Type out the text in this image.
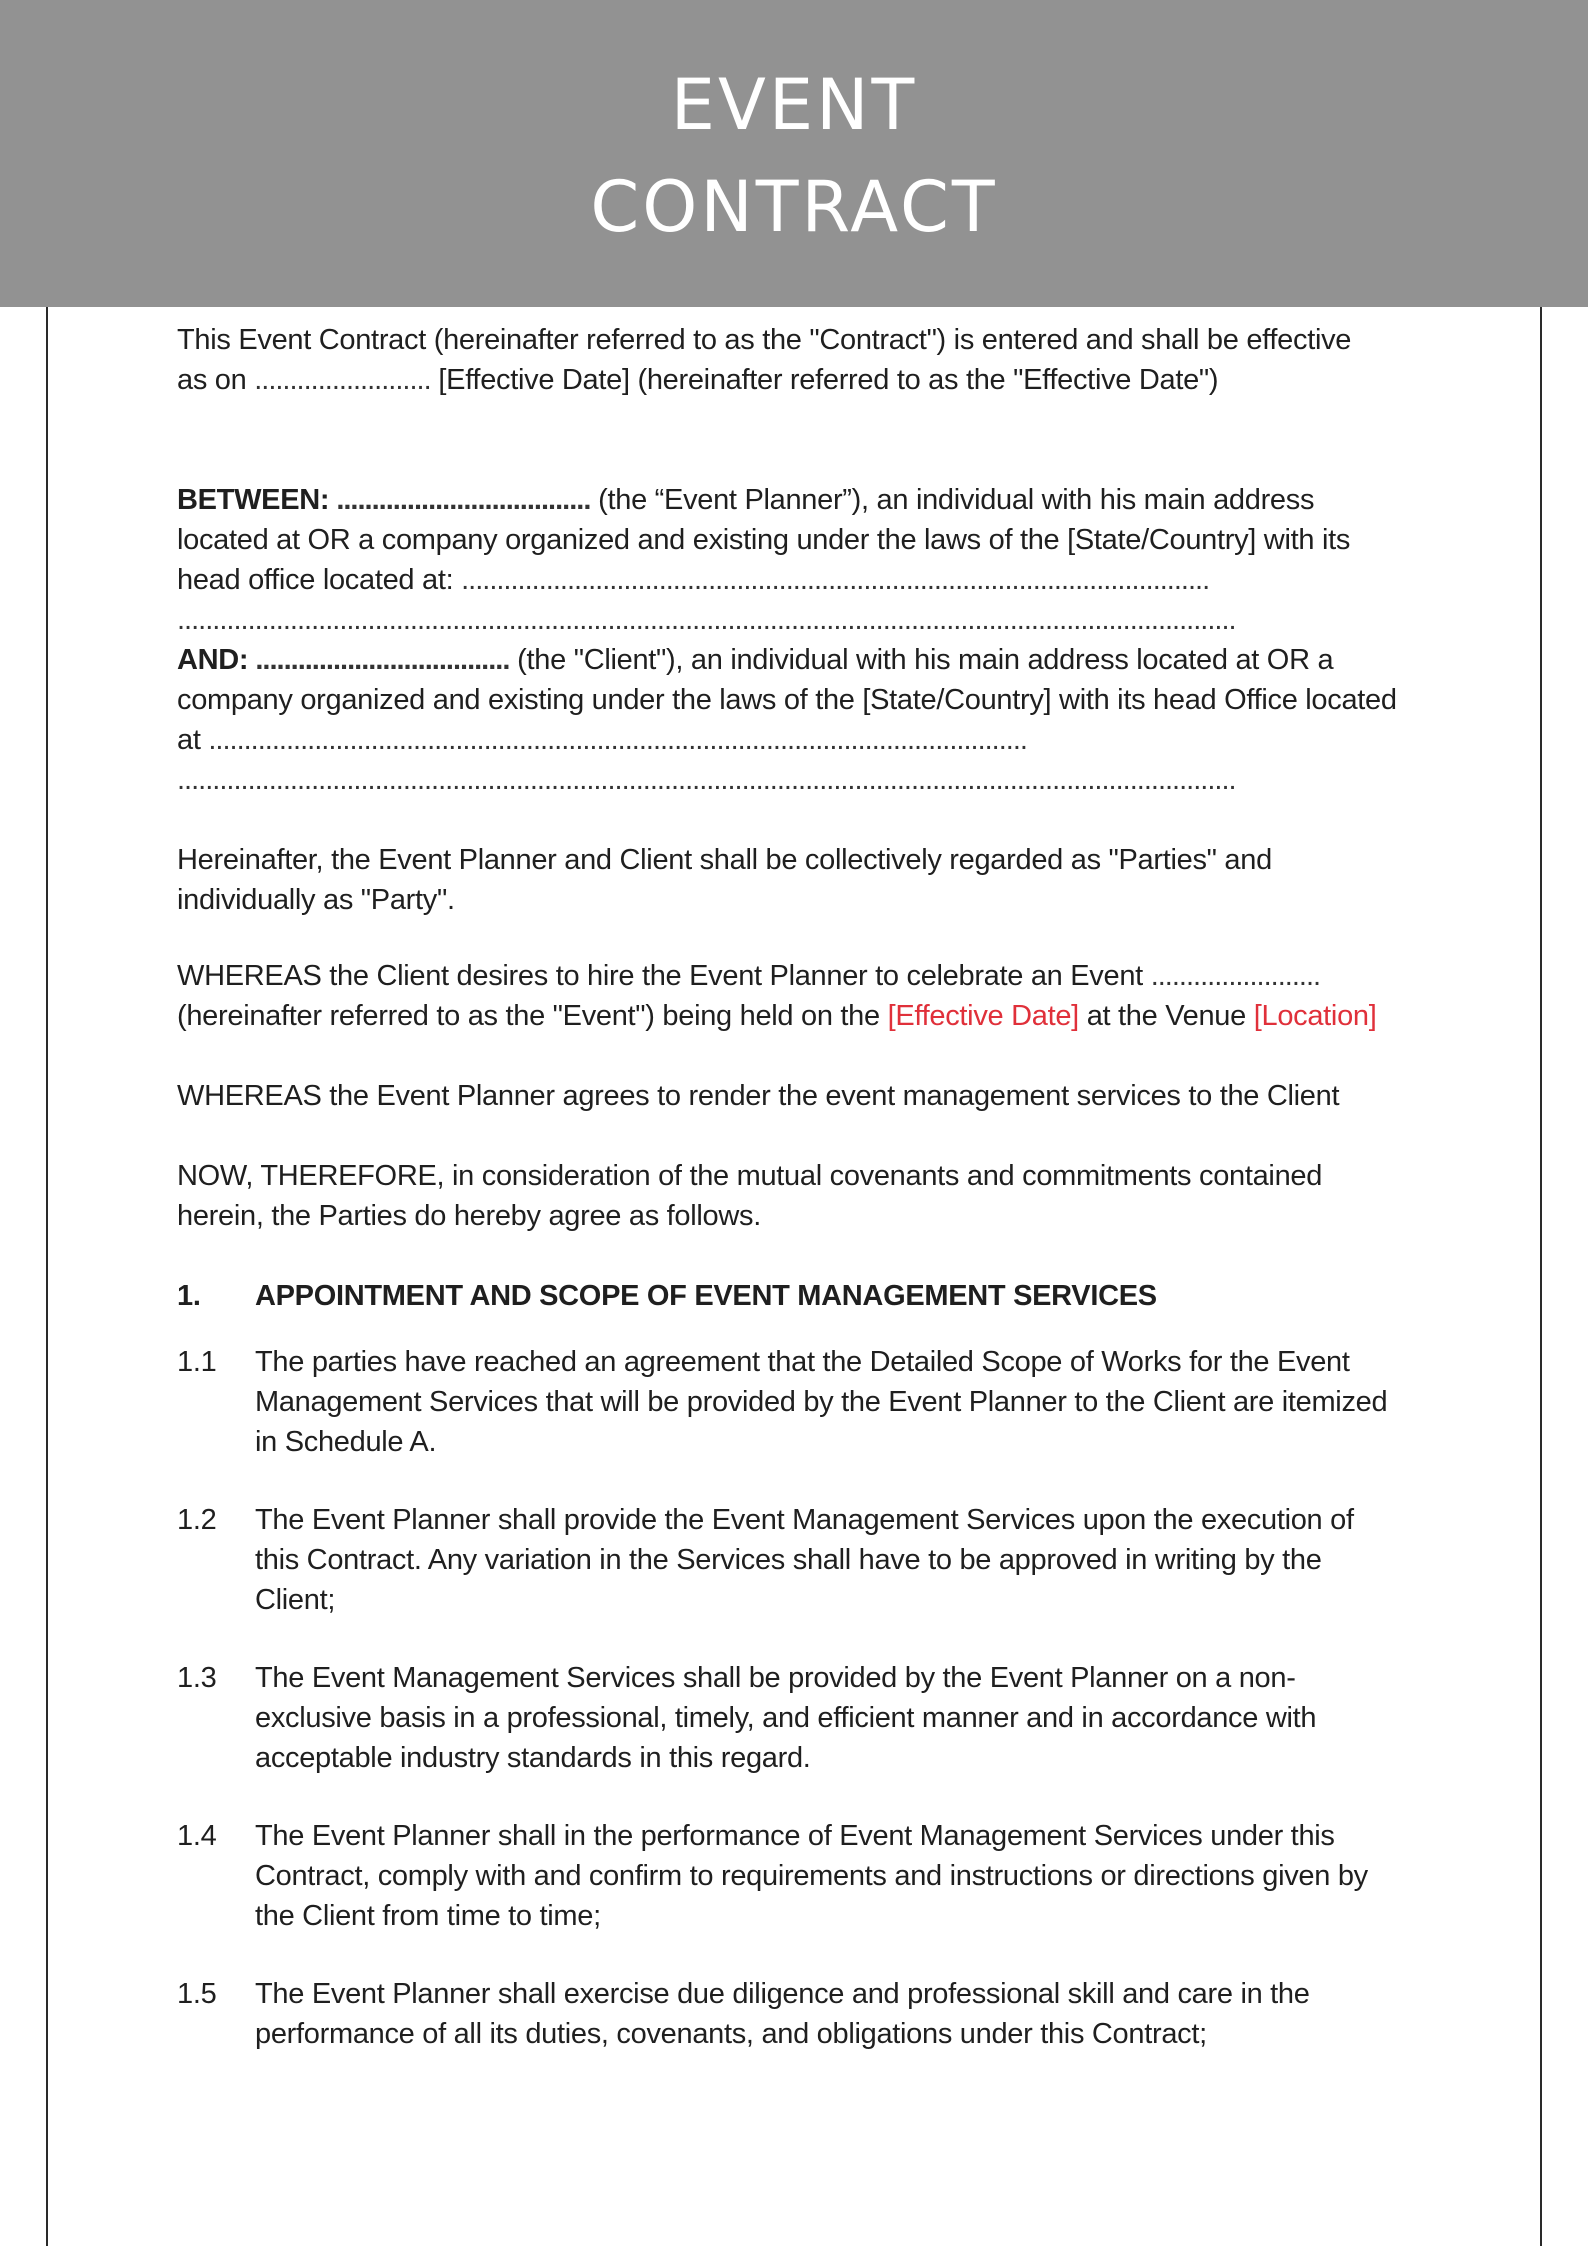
EVENT
CONTRACT

This Event Contract (hereinafter referred to as the "Contract") is entered and shall be effective as on ......................... [Effective Date] (hereinafter referred to as the "Effective Date")

BETWEEN: .................................... (the “Event Planner”), an individual with his main address located at OR a company organized and existing under the laws of the [State/Country] with its head office located at: ..........................................................................................................

......................................................................................................................................................

AND: .................................... (the "Client"), an individual with his main address located at OR a company organized and existing under the laws of the [State/Country] with its head Office located at ....................................................................................................................

......................................................................................................................................................

Hereinafter, the Event Planner and Client shall be collectively regarded as "Parties" and individually as "Party".

WHEREAS the Client desires to hire the Event Planner to celebrate an Event ........................ (hereinafter referred to as the "Event") being held on the [Effective Date] at the Venue [Location]

WHEREAS the Event Planner agrees to render the event management services to the Client

NOW, THEREFORE, in consideration of the mutual covenants and commitments contained herein, the Parties do hereby agree as follows.

1.	APPOINTMENT AND SCOPE OF EVENT MANAGEMENT SERVICES
1.1	The parties have reached an agreement that the Detailed Scope of Works for the Event Management Services that will be provided by the Event Planner to the Client are itemized in Schedule A.
1.2	The Event Planner shall provide the Event Management Services upon the execution of this Contract. Any variation in the Services shall have to be approved in writing by the Client;
1.3	The Event Management Services shall be provided by the Event Planner on a non-exclusive basis in a professional, timely, and efficient manner and in accordance with acceptable industry standards in this regard.
1.4	The Event Planner shall in the performance of Event Management Services under this Contract, comply with and confirm to requirements and instructions or directions given by the Client from time to time;
1.5	The Event Planner shall exercise due diligence and professional skill and care in the performance of all its duties, covenants, and obligations under this Contract;
